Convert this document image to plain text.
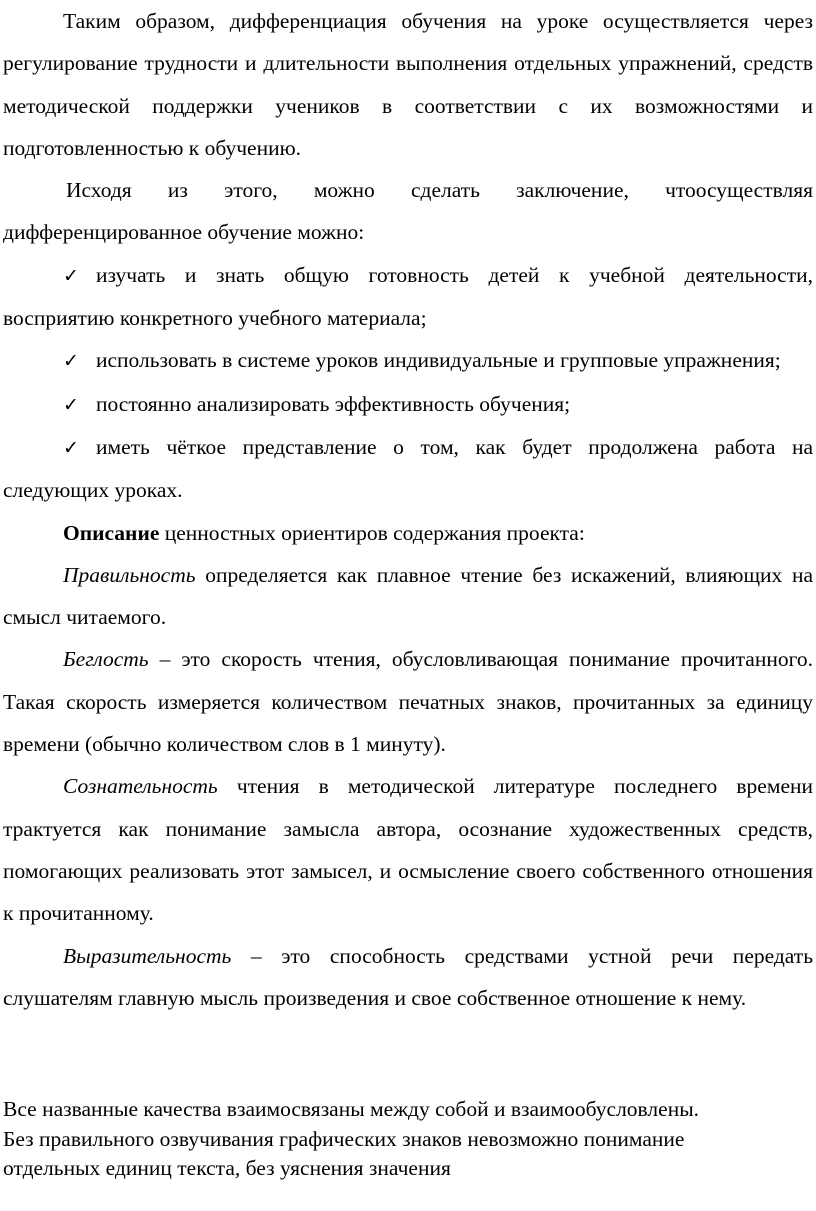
Таким образом, дифференциация обучения на уроке осуществляется через регулирование трудности и длительности выполнения отдельных упражнений, средств методической поддержки учеников в соответствии с их возможностями и подготовленностью к обучению.

Исходя из этого, можно сделать заключение, чтоосуществляя дифференцированное обучение можно:

✓ изучать и знать общую готовность детей к учебной деятельности, восприятию конкретного учебного материала;

✓ использовать в системе уроков индивидуальные и групповые упражнения;

✓ постоянно анализировать эффективность обучения;

✓ иметь чёткое представление о том, как будет продолжена работа на следующих уроках.

Описание ценностных ориентиров содержания проекта:

Правильность определяется как плавное чтение без искажений, влияющих на смысл читаемого.

Беглость – это скорость чтения, обусловливающая понимание прочитанного. Такая скорость измеряется количеством печатных знаков, прочитанных за единицу времени (обычно количеством слов в 1 минуту).

Сознательность чтения в методической литературе последнего времени трактуется как понимание замысла автора, осознание художественных средств, помогающих реализовать этот замысел, и осмысление своего собственного отношения к прочитанному.

Выразительность – это способность средствами устной речи передать слушателям главную мысль произведения и свое собственное отношение к нему.

Все названные качества взаимосвязаны между собой и взаимообусловлены.

Без правильного озвучивания графических знаков невозможно понимание

отдельных единиц текста, без уяснения значения
